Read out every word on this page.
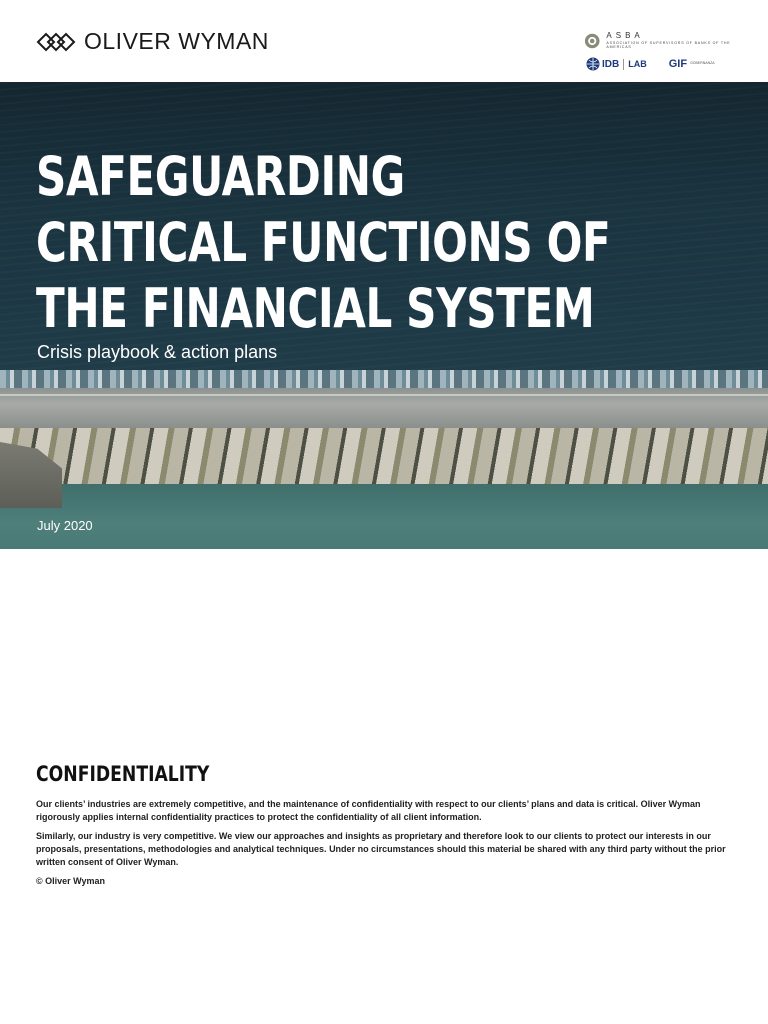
OLIVER WYMAN	ASBA
ASSOCIATION OF SUPERVISORS OF BANKS OF THE AMERICAS
IDB LAB GIF GOBERNANZA
SAFEGUARDING
CRITICAL FUNCTIONS OF
THE FINANCIAL SYSTEM
Crisis playbook & action plans
July 2020
CONFIDENTIALITY

Our clients’ industries are extremely competitive, and the maintenance of confidentiality with respect to our clients’ plans and data is critical. Oliver Wyman rigorously applies internal confidentiality practices to protect the confidentiality of all client information.

Similarly, our industry is very competitive. We view our approaches and insights as proprietary and therefore look to our clients to protect our interests in our proposals, presentations, methodologies and analytical techniques. Under no circumstances should this material be shared with any third party without the prior written consent of Oliver Wyman.

© Oliver Wyman
